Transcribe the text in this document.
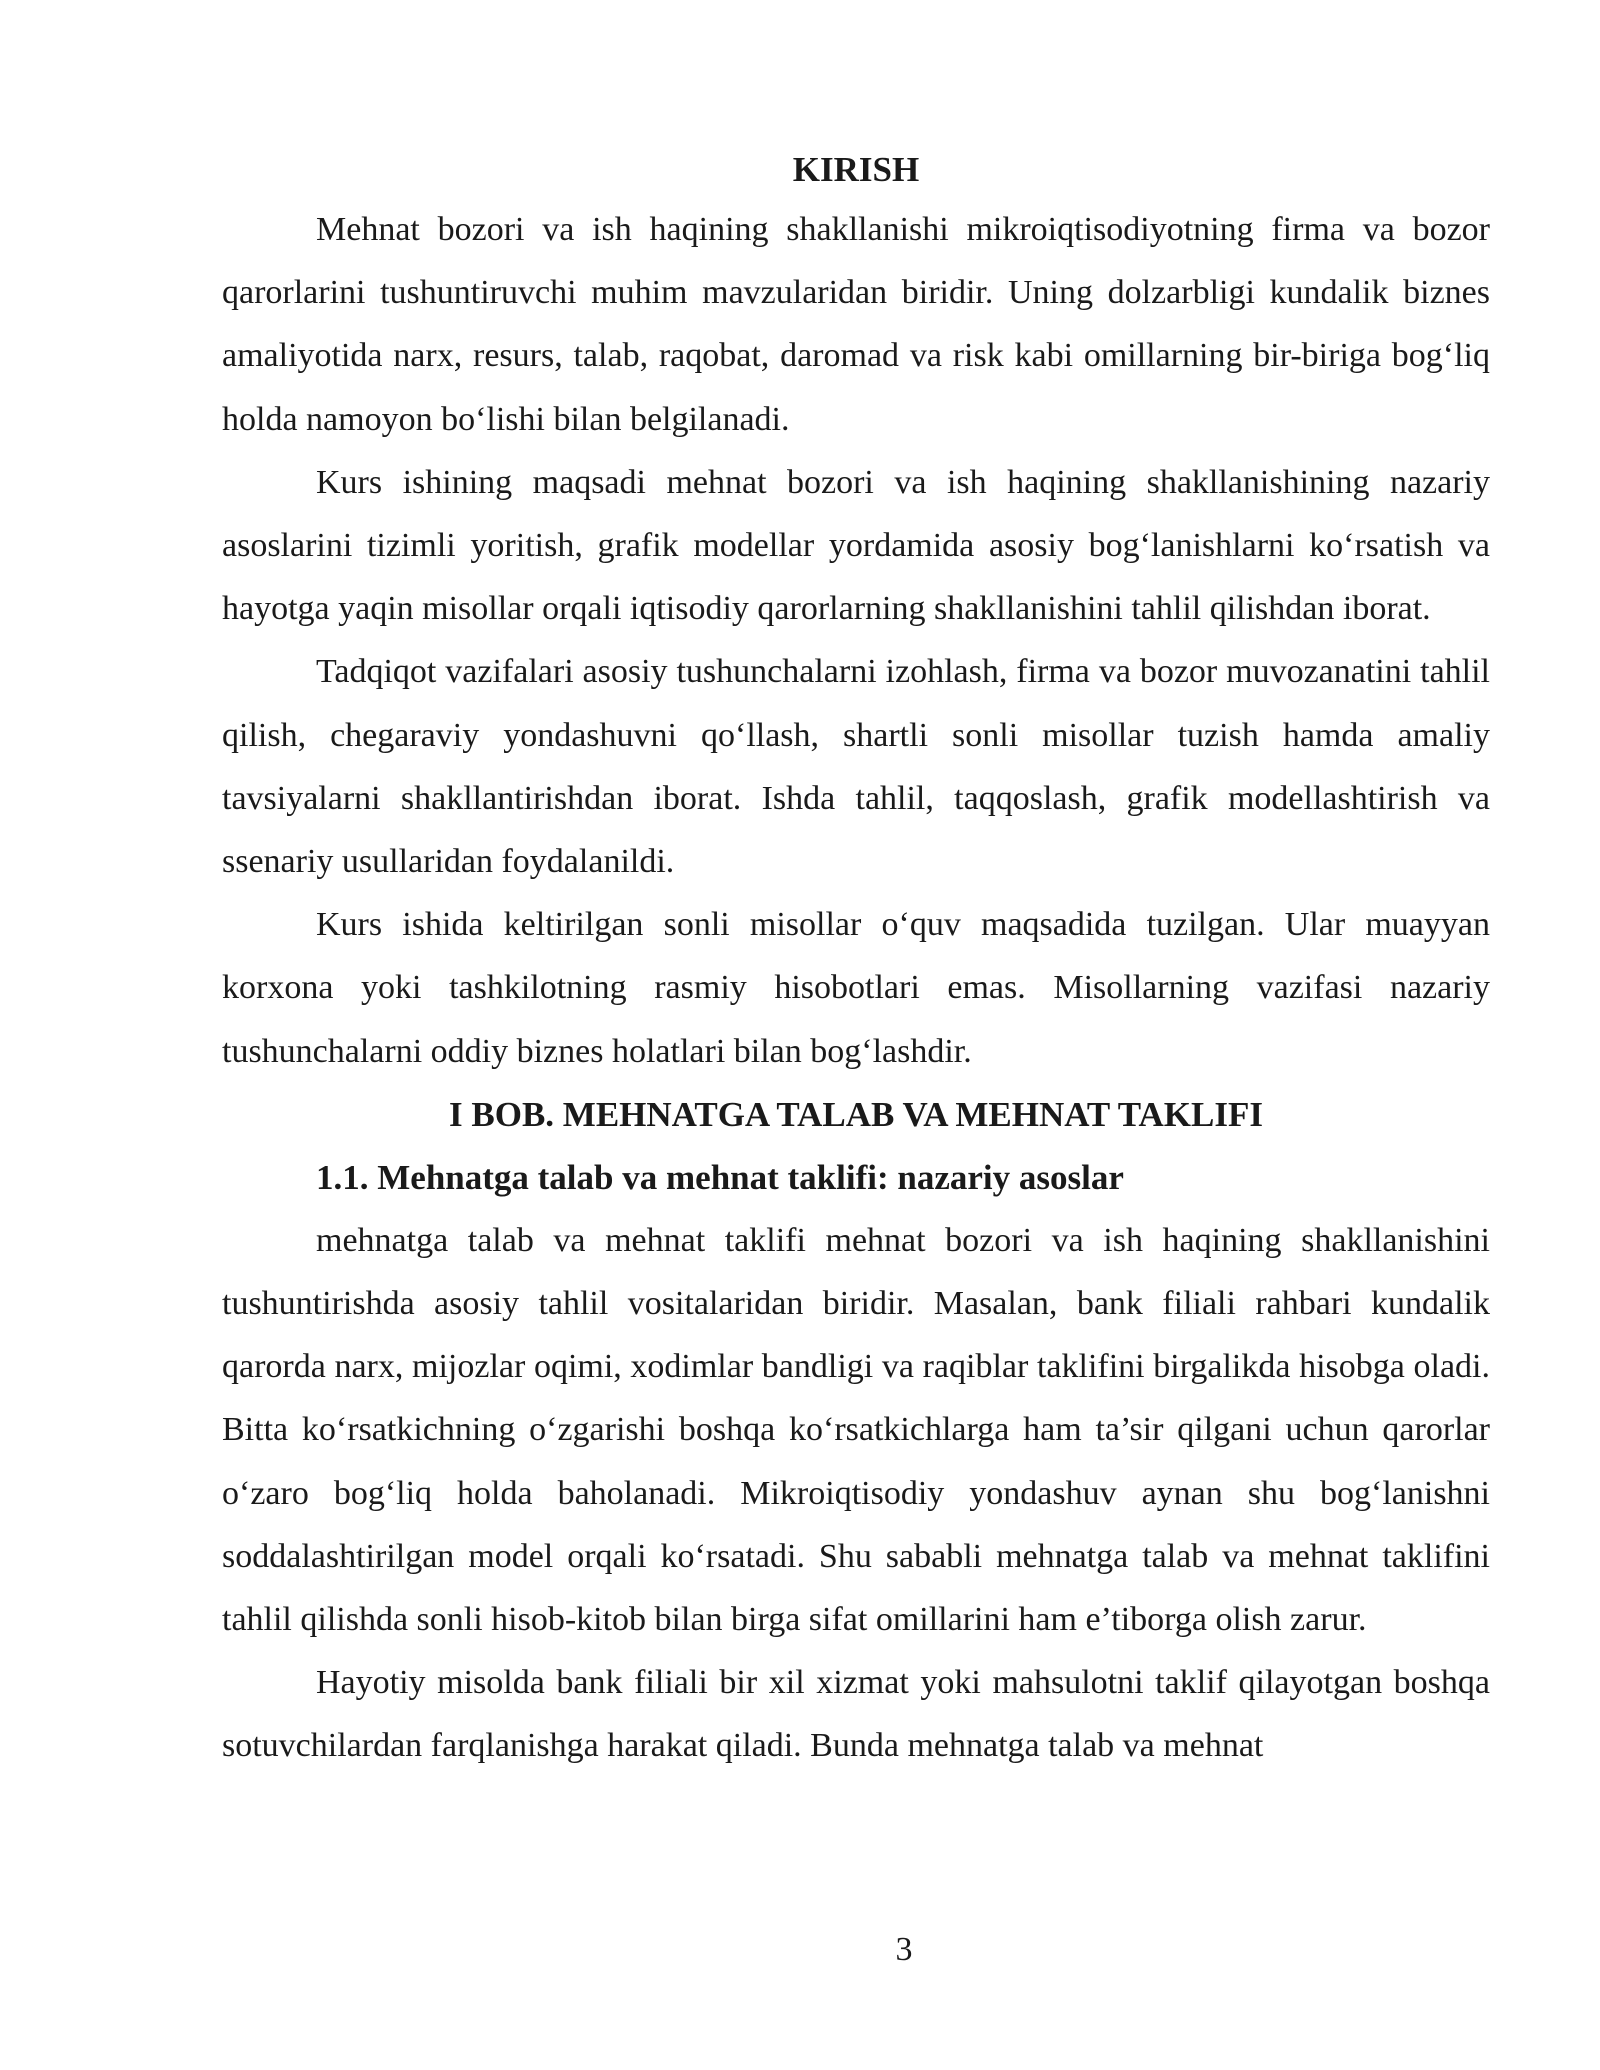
KIRISH

Mehnat bozori va ish haqining shakllanishi mikroiqtisodiyotning firma va bozor qarorlarini tushuntiruvchi muhim mavzularidan biridir. Uning dolzarbligi kundalik biznes amaliyotida narx, resurs, talab, raqobat, daromad va risk kabi omillarning bir-biriga bog‘liq holda namoyon bo‘lishi bilan belgilanadi.

Kurs ishining maqsadi mehnat bozori va ish haqining shakllanishining nazariy asoslarini tizimli yoritish, grafik modellar yordamida asosiy bog‘lanishlarni ko‘rsatish va hayotga yaqin misollar orqali iqtisodiy qarorlarning shakllanishini tahlil qilishdan iborat.

Tadqiqot vazifalari asosiy tushunchalarni izohlash, firma va bozor muvozanatini tahlil qilish, chegaraviy yondashuvni qo‘llash, shartli sonli misollar tuzish hamda amaliy tavsiyalarni shakllantirishdan iborat. Ishda tahlil, taqqoslash, grafik modellashtirish va ssenariy usullaridan foydalanildi.

Kurs ishida keltirilgan sonli misollar o‘quv maqsadida tuzilgan. Ular muayyan korxona yoki tashkilotning rasmiy hisobotlari emas. Misollarning vazifasi nazariy tushunchalarni oddiy biznes holatlari bilan bog‘lashdir.

I BOB. MEHNATGA TALAB VA MEHNAT TAKLIFI
1.1. Mehnatga talab va mehnat taklifi: nazariy asoslar

mehnatga talab va mehnat taklifi mehnat bozori va ish haqining shakllanishini tushuntirishda asosiy tahlil vositalaridan biridir. Masalan, bank filiali rahbari kundalik qarorda narx, mijozlar oqimi, xodimlar bandligi va raqiblar taklifini birgalikda hisobga oladi. Bitta ko‘rsatkichning o‘zgarishi boshqa ko‘rsatkichlarga ham ta’sir qilgani uchun qarorlar o‘zaro bog‘liq holda baholanadi. Mikroiqtisodiy yondashuv aynan shu bog‘lanishni soddalashtirilgan model orqali ko‘rsatadi. Shu sababli mehnatga talab va mehnat taklifini tahlil qilishda sonli hisob-kitob bilan birga sifat omillarini ham e’tiborga olish zarur.

Hayotiy misolda bank filiali bir xil xizmat yoki mahsulotni taklif qilayotgan boshqa sotuvchilardan farqlanishga harakat qiladi. Bunda mehnatga talab va mehnat

3
